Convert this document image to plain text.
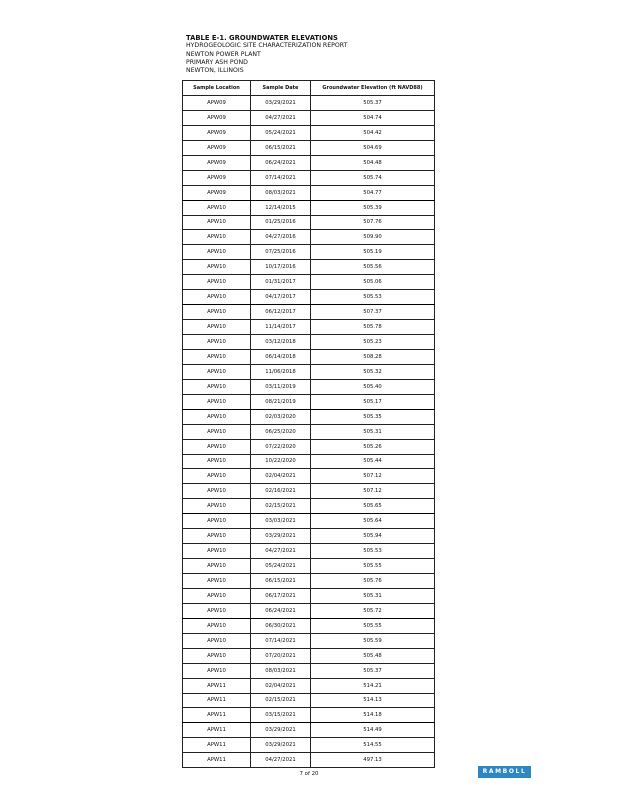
TABLE E-1. GROUNDWATER ELEVATIONS
HYDROGEOLOGIC SITE CHARACTERIZATION REPORT
NEWTON POWER PLANT
PRIMARY ASH POND
NEWTON, ILLINOIS
Sample Location	Sample Date	Groundwater Elevation (ft NAVD88)
APW09	03/29/2021	505.37
APW09	04/27/2021	504.74
APW09	05/24/2021	504.42
APW09	06/15/2021	504.69
APW09	06/24/2021	504.48
APW09	07/14/2021	505.74
APW09	08/03/2021	504.77
APW10	12/14/2015	505.39
APW10	01/25/2016	507.76
APW10	04/27/2016	509.90
APW10	07/25/2016	505.19
APW10	10/17/2016	505.56
APW10	01/31/2017	505.06
APW10	04/17/2017	505.53
APW10	06/12/2017	507.37
APW10	11/14/2017	505.78
APW10	03/12/2018	505.23
APW10	06/14/2018	508.28
APW10	11/06/2018	505.32
APW10	03/11/2019	505.40
APW10	08/21/2019	505.17
APW10	02/03/2020	505.35
APW10	06/25/2020	505.31
APW10	07/22/2020	505.26
APW10	10/22/2020	505.44
APW10	02/04/2021	507.12
APW10	02/16/2021	507.12
APW10	02/15/2021	505.65
APW10	03/03/2021	505.64
APW10	03/29/2021	505.94
APW10	04/27/2021	505.53
APW10	05/24/2021	505.55
APW10	06/15/2021	505.76
APW10	06/17/2021	505.31
APW10	06/24/2021	505.72
APW10	06/30/2021	505.55
APW10	07/14/2021	505.59
APW10	07/20/2021	505.48
APW10	08/03/2021	505.37
APW11	02/04/2021	514.21
APW11	02/15/2021	514.13
APW11	03/15/2021	514.18
APW11	03/29/2021	514.49
APW11	03/29/2021	514.55
APW11	04/27/2021	497.13
7 of 20	RAMBOLL
